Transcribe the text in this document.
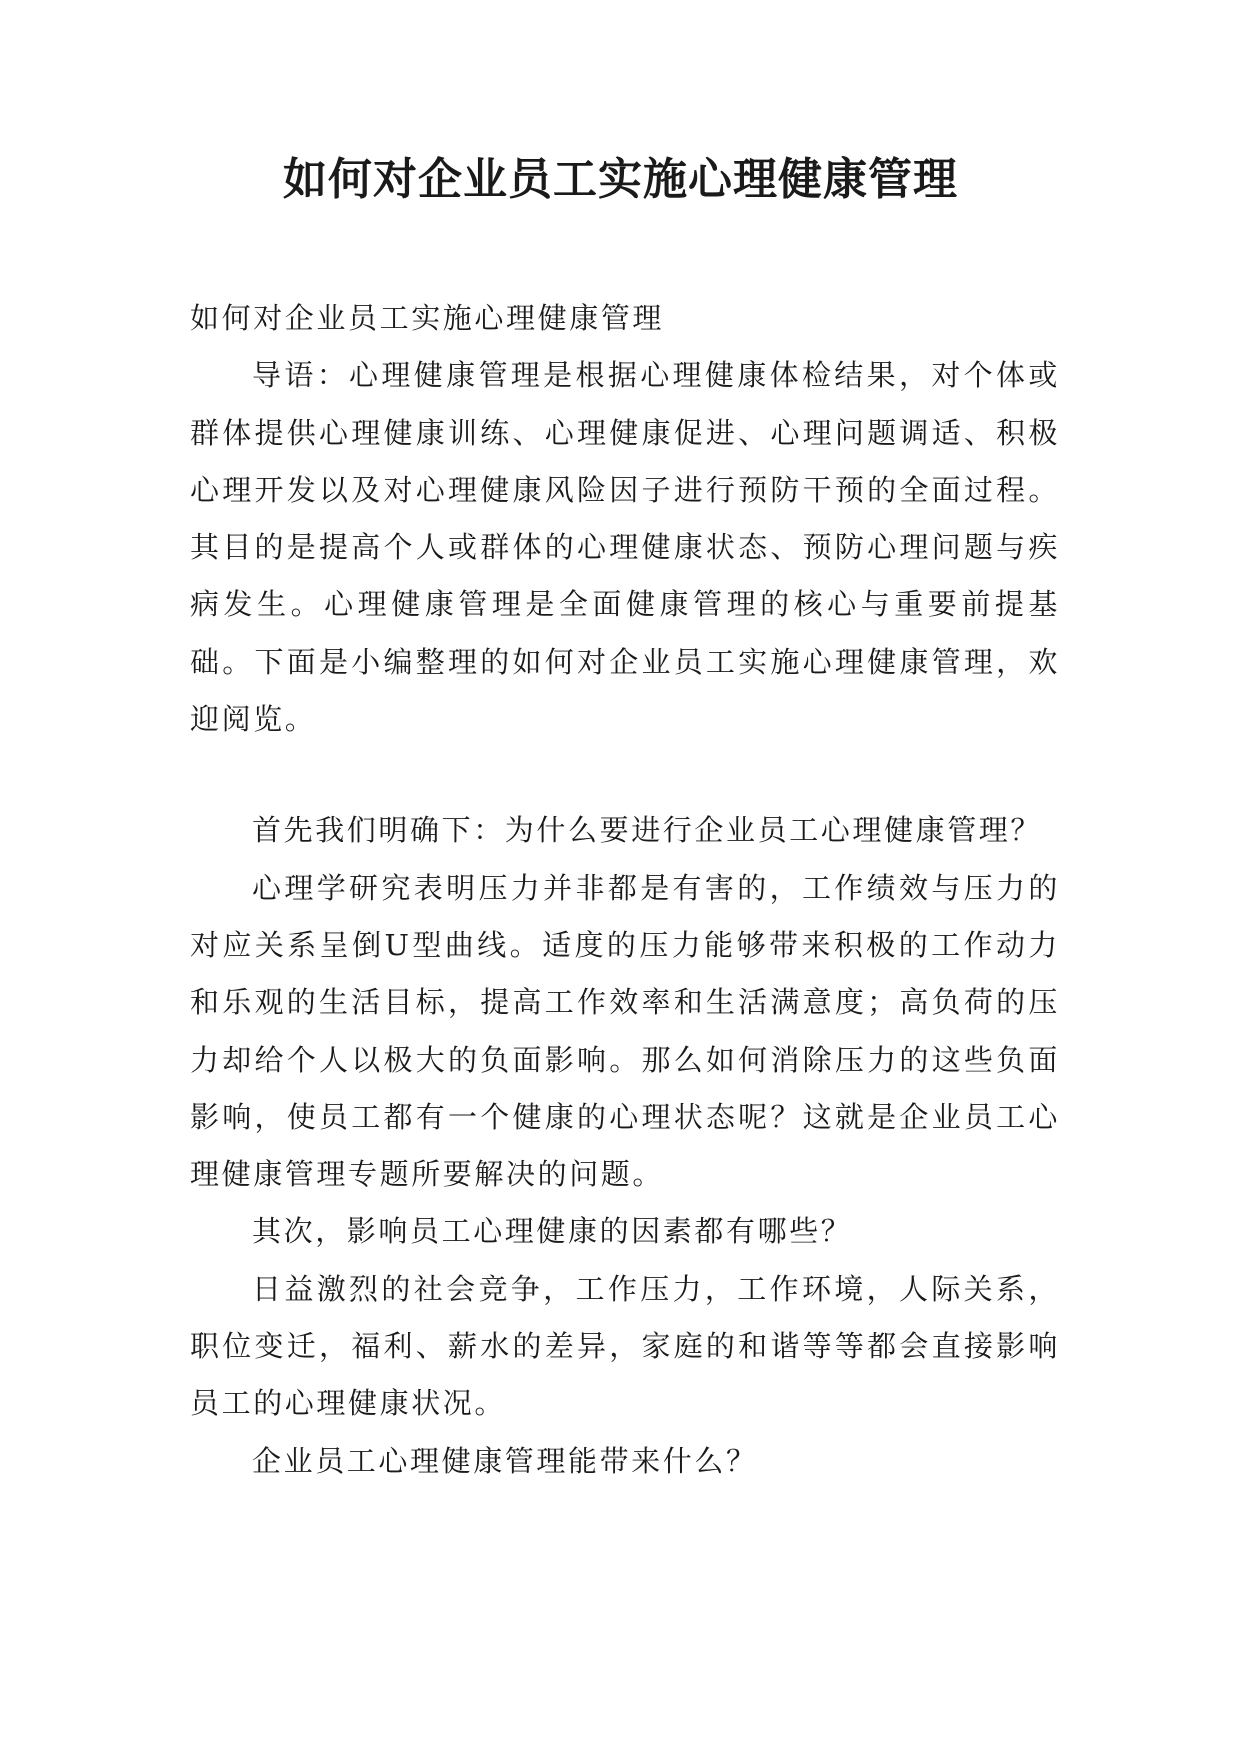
如何对企业员工实施心理健康管理

如何对企业员工实施心理健康管理

导语：心理健康管理是根据心理健康体检结果，对个体或群体提供心理健康训练、心理健康促进、心理问题调适、积极心理开发以及对心理健康风险因子进行预防干预的全面过程。其目的是提高个人或群体的心理健康状态、预防心理问题与疾病发生。心理健康管理是全面健康管理的核心与重要前提基础。下面是小编整理的如何对企业员工实施心理健康管理，欢迎阅览。

首先我们明确下：为什么要进行企业员工心理健康管理？

心理学研究表明压力并非都是有害的，工作绩效与压力的对应关系呈倒U型曲线。适度的压力能够带来积极的工作动力和乐观的生活目标，提高工作效率和生活满意度；高负荷的压力却给个人以极大的负面影响。那么如何消除压力的这些负面影响，使员工都有一个健康的心理状态呢？这就是企业员工心理健康管理专题所要解决的问题。

其次，影响员工心理健康的因素都有哪些？

日益激烈的社会竞争，工作压力，工作环境，人际关系，职位变迁，福利、薪水的差异，家庭的和谐等等都会直接影响员工的心理健康状况。

企业员工心理健康管理能带来什么？
